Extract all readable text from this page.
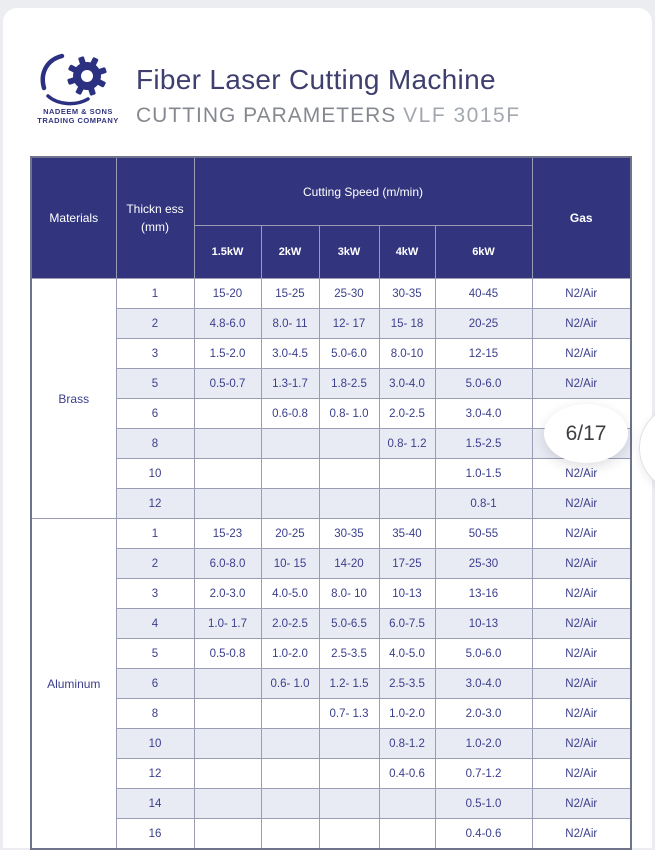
NADEEM & SONS
TRADING COMPANY
Fiber Laser Cutting Machine
CUTTING PARAMETERS VLF 3015F
Materials	Thickn ess
(mm)	Cutting Speed (m/min)					Gas
		1.5kW	2kW	3kW	4kW	6kW	
Brass	1	15-20	15-25	25-30	30-35	40-45	N2/Air
	2	4.8-6.0	8.0- 11	12- 17	15- 18	20-25	N2/Air
	3	1.5-2.0	3.0-4.5	5.0-6.0	8.0-10	12-15	N2/Air
	5	0.5-0.7	1.3-1.7	1.8-2.5	3.0-4.0	5.0-6.0	N2/Air
	6		0.6-0.8	0.8- 1.0	2.0-2.5	3.0-4.0	
	8				0.8- 1.2	1.5-2.5	
	10					1.0-1.5	N2/Air
	12					0.8-1	N2/Air
Aluminum	1	15-23	20-25	30-35	35-40	50-55	N2/Air
	2	6.0-8.0	10- 15	14-20	17-25	25-30	N2/Air
	3	2.0-3.0	4.0-5.0	8.0- 10	10-13	13-16	N2/Air
	4	1.0- 1.7	2.0-2.5	5.0-6.5	6.0-7.5	10-13	N2/Air
	5	0.5-0.8	1.0-2.0	2.5-3.5	4.0-5.0	5.0-6.0	N2/Air
	6		0.6- 1.0	1.2- 1.5	2.5-3.5	3.0-4.0	N2/Air
	8			0.7- 1.3	1.0-2.0	2.0-3.0	N2/Air
	10				0.8-1.2	1.0-2.0	N2/Air
	12				0.4-0.6	0.7-1.2	N2/Air
	14					0.5-1.0	N2/Air
	16					0.4-0.6	N2/Air
6/17
